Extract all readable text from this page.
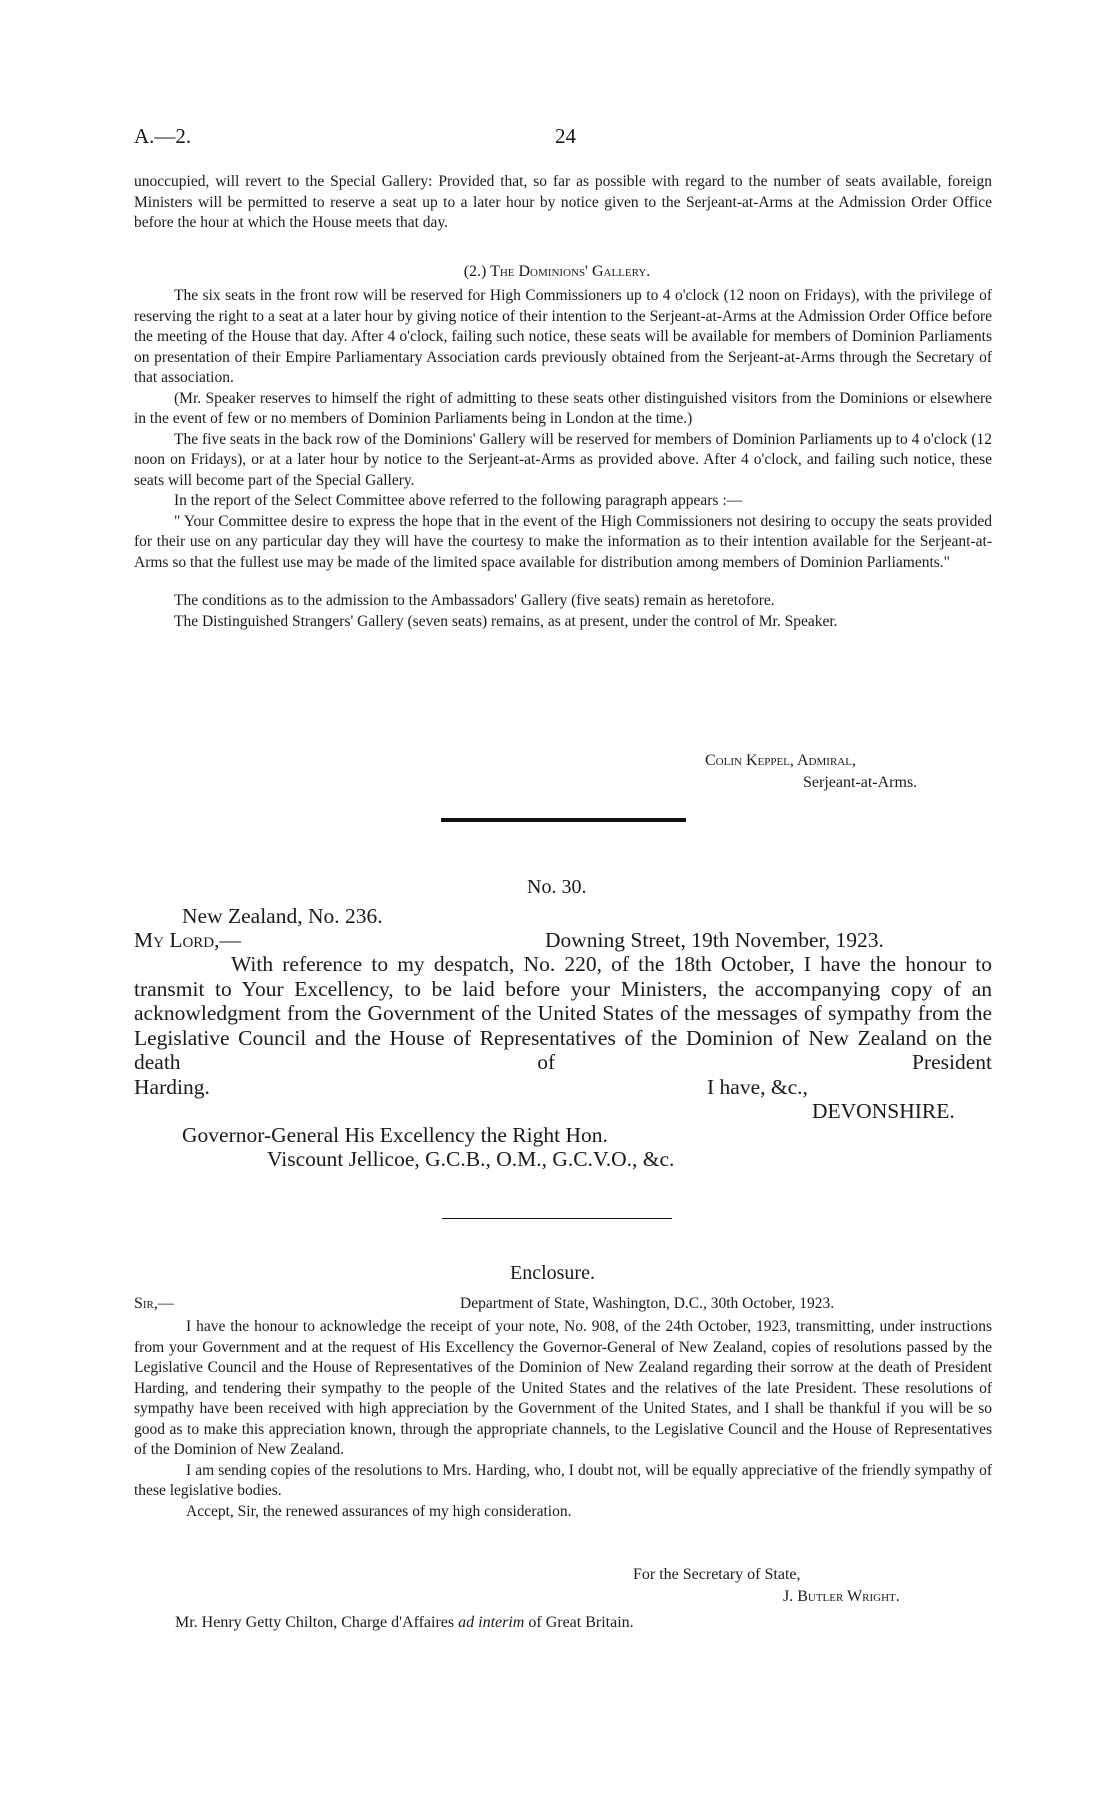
A.—2.	24

unoccupied, will revert to the Special Gallery: Provided that, so far as possible with regard to the number of seats available, foreign Ministers will be permitted to reserve a seat up to a later hour by notice given to the Serjeant-at-Arms at the Admission Order Office before the hour at which the House meets that day.

(2.) The Dominions' Gallery.

The six seats in the front row will be reserved for High Commissioners up to 4 o'clock (12 noon on Fridays), with the privilege of reserving the right to a seat at a later hour by giving notice of their intention to the Serjeant-at-Arms at the Admission Order Office before the meeting of the House that day. After 4 o'clock, failing such notice, these seats will be available for members of Dominion Parliaments on presentation of their Empire Parliamentary Association cards previously obtained from the Serjeant-at-Arms through the Secretary of that association.

(Mr. Speaker reserves to himself the right of admitting to these seats other distinguished visitors from the Dominions or elsewhere in the event of few or no members of Dominion Parliaments being in London at the time.)

The five seats in the back row of the Dominions' Gallery will be reserved for members of Dominion Parliaments up to 4 o'clock (12 noon on Fridays), or at a later hour by notice to the Serjeant-at-Arms as provided above. After 4 o'clock, and failing such notice, these seats will become part of the Special Gallery.

In the report of the Select Committee above referred to the following paragraph appears :—

" Your Committee desire to express the hope that in the event of the High Commissioners not desiring to occupy the seats provided for their use on any particular day they will have the courtesy to make the information as to their intention available for the Serjeant-at-Arms so that the fullest use may be made of the limited space available for distribution among members of Dominion Parliaments."

The conditions as to the admission to the Ambassadors' Gallery (five seats) remain as heretofore.

The Distinguished Strangers' Gallery (seven seats) remains, as at present, under the control of Mr. Speaker.

Colin Keppel, Admiral,
Serjeant-at-Arms.
No. 30.
New Zealand, No. 236.
My Lord,—	Downing Street, 19th November, 1923.

With reference to my despatch, No. 220, of the 18th October, I have the honour to transmit to Your Excellency, to be laid before your Ministers, the accompanying copy of an acknowledgment from the Government of the United States of the messages of sympathy from the Legislative Council and the House of Representatives of the Dominion of New Zealand on the death of President

Harding.	I have, &c.,
DEVONSHIRE.
Governor-General His Excellency the Right Hon.
Viscount Jellicoe, G.C.B., O.M., G.C.V.O., &c.
Enclosure.
Sir,—	Department of State, Washington, D.C., 30th October, 1923.

I have the honour to acknowledge the receipt of your note, No. 908, of the 24th October, 1923, transmitting, under instructions from your Government and at the request of His Excellency the Governor-General of New Zealand, copies of resolutions passed by the Legislative Council and the House of Representatives of the Dominion of New Zealand regarding their sorrow at the death of President Harding, and tendering their sympathy to the people of the United States and the relatives of the late President. These resolutions of sympathy have been received with high appreciation by the Government of the United States, and I shall be thankful if you will be so good as to make this appreciation known, through the appropriate channels, to the Legislative Council and the House of Representatives of the Dominion of New Zealand.

I am sending copies of the resolutions to Mrs. Harding, who, I doubt not, will be equally appreciative of the friendly sympathy of these legislative bodies.

Accept, Sir, the renewed assurances of my high consideration.

For the Secretary of State,
J. Butler Wright.
Mr. Henry Getty Chilton, Charge d'Affaires ad interim of Great Britain.
